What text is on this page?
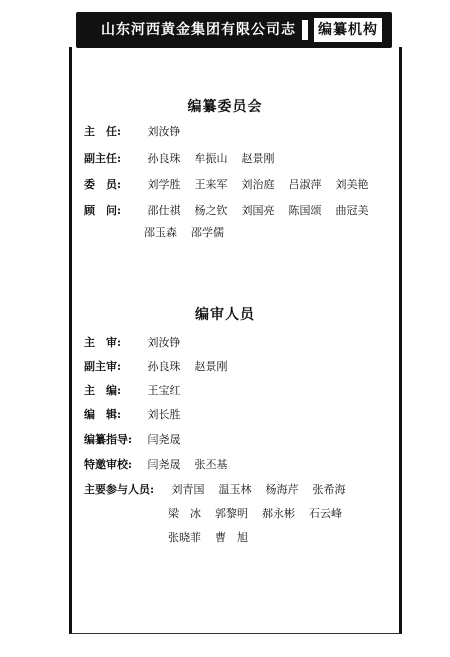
山东河西黄金集团有限公司志 编纂机构
编纂委员会
主　任: 刘汝铮
副主任: 孙良珠 牟振山 赵景刚
委　员: 刘学胜 王来军 刘治庭 吕淑萍 刘美艳
顾　问: 邵仕祺 杨之钦 刘国亮 陈国颂 曲冠美
邵玉森 邵学儒
编审人员
主　审: 刘汝铮
副主审: 孙良珠 赵景刚
主　编: 王宝红
编　辑: 刘长胜
编纂指导: 闫尧晟
特邀审校: 闫尧晟 张丕基
主要参与人员: 刘青国 温玉林 杨海芹 张希海
梁　冰 郭黎明 郝永彬 石云峰
张晓菲 曹　旭
